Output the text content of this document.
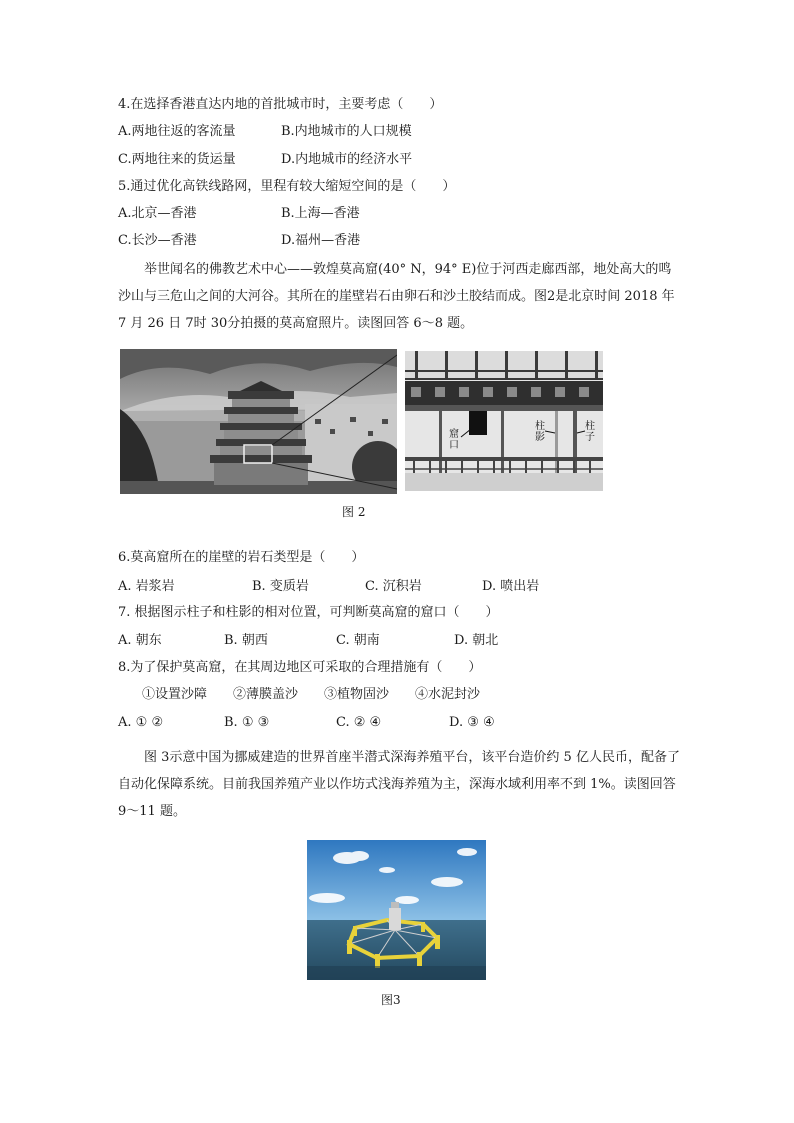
4.在选择香港直达内地的首批城市时，主要考虑（　　）
A.两地往返的客流量	B.内地城市的人口规模
C.两地往来的货运量	D.内地城市的经济水平
5.通过优化高铁线路网，里程有较大缩短空间的是（　　）
A.北京—香港	B.上海—香港
C.长沙—香港	D.福州—香港
举世闻名的佛教艺术中心——敦煌莫高窟(40° N，94° E)位于河西走廊西部，地处高大的鸣沙山与三危山之间的大河谷。其所在的崖壁岩石由卵石和沙土胶结而成。图2是北京时间 2018 年 7 月 26 日 7时 30分拍摄的莫高窟照片。读图回答 6～8 题。
窟口
柱影
柱子
图 2
6.莫高窟所在的崖壁的岩石类型是（　　）
A. 岩浆岩	B. 变质岩	C. 沉积岩	D. 喷出岩
7. 根据图示柱子和柱影的相对位置，可判断莫高窟的窟口（　　）
A. 朝东	B. 朝西	C. 朝南	D. 朝北
8.为了保护莫高窟，在其周边地区可采取的合理措施有（　　）
①设置沙障　　②薄膜盖沙　　③植物固沙　　④水泥封沙
A. ① ②	B. ① ③	C. ② ④	D. ③ ④
图 3示意中国为挪威建造的世界首座半潜式深海养殖平台，该平台造价约 5 亿人民币，配备了自动化保障系统。目前我国养殖产业以作坊式浅海养殖为主，深海水域利用率不到 1%。读图回答 9～11 题。
图3
